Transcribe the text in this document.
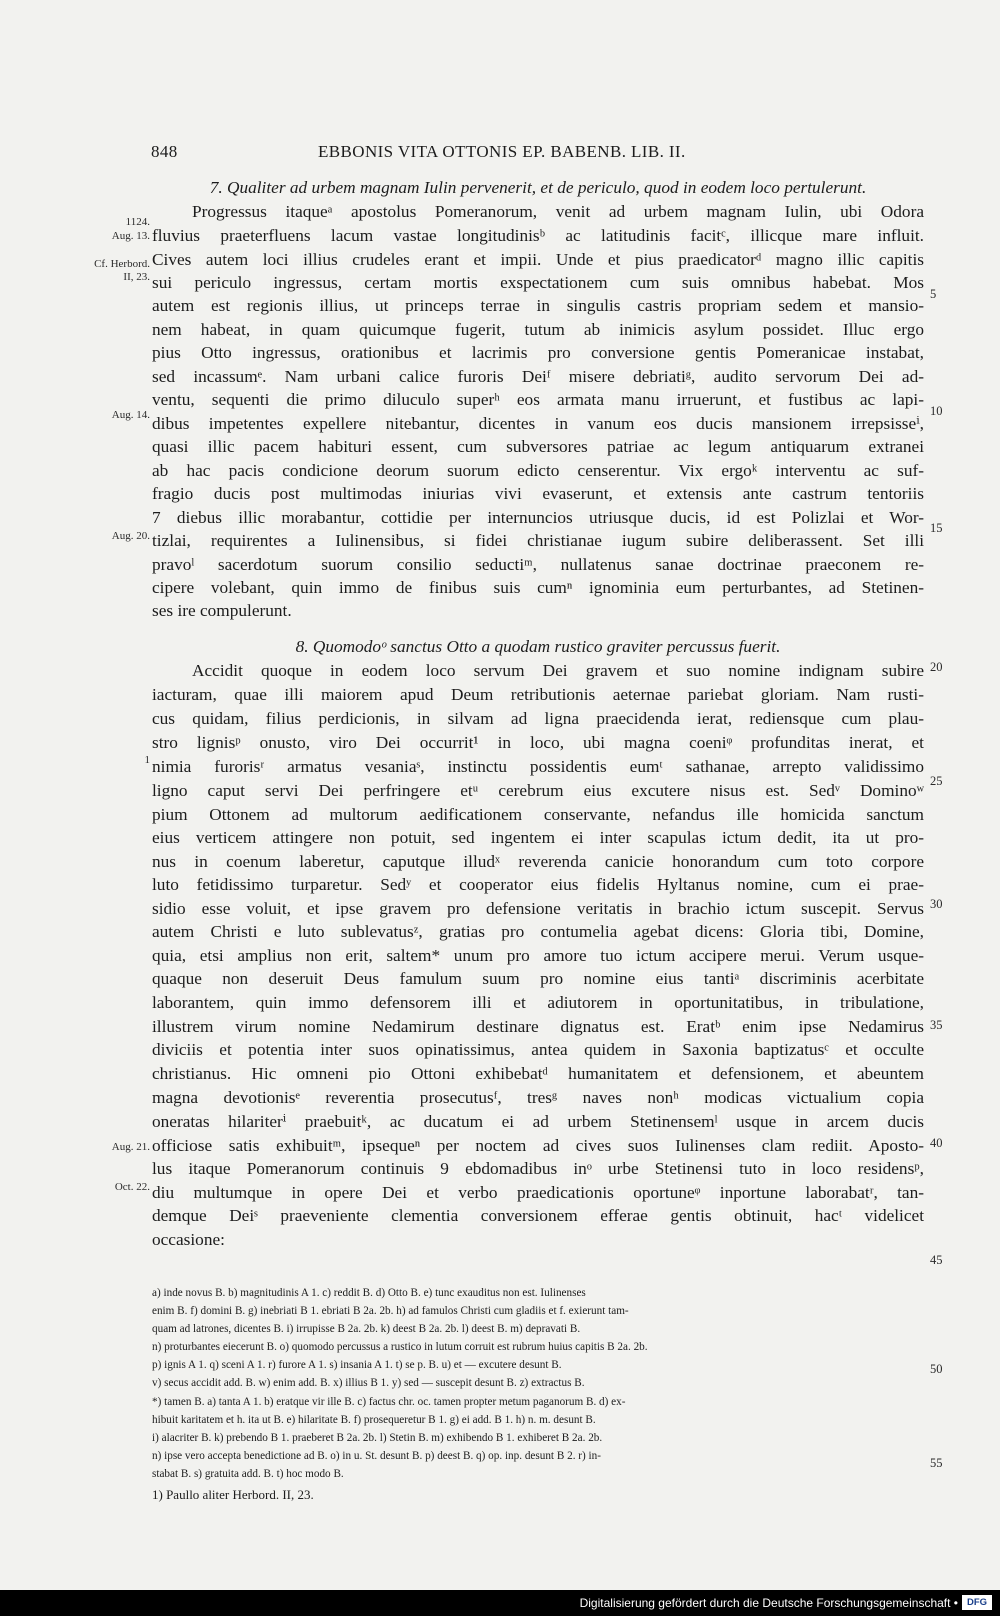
848	EBBONIS VITA OTTONIS EP. BABENB. LIB. II.
7. Qualiter ad urbem magnam Iulin pervenerit, et de periculo, quod in eodem loco pertulerunt.
Progressus itaqueᵃ apostolus Pomeranorum, venit ad urbem magnam Iulin, ubi Odora
fluvius praeterfluens lacum vastae longitudinisᵇ ac latitudinis facitᶜ, illicque mare influit.
Cives autem loci illius crudeles erant et impii. Unde et pius praedicatorᵈ magno illic capitis
sui periculo ingressus, certam mortis exspectationem cum suis omnibus habebat. Mos
autem est regionis illius, ut princeps terrae in singulis castris propriam sedem et mansio-
nem habeat, in quam quicumque fugerit, tutum ab inimicis asylum possidet. Illuc ergo
pius Otto ingressus, orationibus et lacrimis pro conversione gentis Pomeranicae instabat,
sed incassumᵉ. Nam urbani calice furoris Deiᶠ misere debriatiᵍ, audito servorum Dei ad-
ventu, sequenti die primo diluculo superʰ eos armata manu irruerunt, et fustibus ac lapi-
dibus impetentes expellere nitebantur, dicentes in vanum eos ducis mansionem irrepsisseⁱ,
quasi illic pacem habituri essent, cum subversores patriae ac legum antiquarum extranei
ab hac pacis condicione deorum suorum edicto censerentur. Vix ergoᵏ interventu ac suf-
fragio ducis post multimodas iniurias vivi evaserunt, et extensis ante castrum tentoriis
7 diebus illic morabantur, cottidie per internuncios utriusque ducis, id est Polizlai et Wor-
tizlai, requirentes a Iulinensibus, si fidei christianae iugum subire deliberassent. Set illi
pravoˡ sacerdotum suorum consilio seductiᵐ, nullatenus sanae doctrinae praeconem re-
cipere volebant, quin immo de finibus suis cumⁿ ignominia eum perturbantes, ad Stetinen-
ses ire compulerunt.
8. Quomodoᵒ sanctus Otto a quodam rustico graviter percussus fuerit.
Accidit quoque in eodem loco servum Dei gravem et suo nomine indignam subire
iacturam, quae illi maiorem apud Deum retributionis aeternae pariebat gloriam. Nam rusti-
cus quidam, filius perdicionis, in silvam ad ligna praecidenda ierat, rediensque cum plau-
stro lignisᵖ onusto, viro Dei occurrit¹ in loco, ubi magna coeniᵠ profunditas inerat, et
nimia furorisʳ armatus vesaniaˢ, instinctu possidentis eumᵗ sathanae, arrepto validissimo
ligno caput servi Dei perfringere etᵘ cerebrum eius excutere nisus est. Sedᵛ Dominoʷ
pium Ottonem ad multorum aedificationem conservante, nefandus ille homicida sanctum
eius verticem attingere non potuit, sed ingentem ei inter scapulas ictum dedit, ita ut pro-
nus in coenum laberetur, caputque illudˣ reverenda canicie honorandum cum toto corpore
luto fetidissimo turparetur. Sedʸ et cooperator eius fidelis Hyltanus nomine, cum ei prae-
sidio esse voluit, et ipse gravem pro defensione veritatis in brachio ictum suscepit. Servus
autem Christi e luto sublevatusᶻ, gratias pro contumelia agebat dicens: Gloria tibi, Domine,
quia, etsi amplius non erit, saltem* unum pro amore tuo ictum accipere merui. Verum usque-
quaque non deseruit Deus famulum suum pro nomine eius tantiᵃ discriminis acerbitate
laborantem, quin immo defensorem illi et adiutorem in oportunitatibus, in tribulatione,
illustrem virum nomine Nedamirum destinare dignatus est. Eratᵇ enim ipse Nedamirus
diviciis et potentia inter suos opinatissimus, antea quidem in Saxonia baptizatusᶜ et occulte
christianus. Hic omneni pio Ottoni exhibebatᵈ humanitatem et defensionem, et abeuntem
magna devotionisᵉ reverentia prosecutusᶠ, tresᵍ naves nonʰ modicas victualium copia
oneratas hilariterⁱ praebuitᵏ, ac ducatum ei ad urbem Stetinensemˡ usque in arcem ducis
officiose satis exhibuitᵐ, ipsequeⁿ per noctem ad cives suos Iulinenses clam rediit. Aposto-
lus itaque Pomeranorum continuis 9 ebdomadibus inᵒ urbe Stetinensi tuto in loco residensᵖ,
diu multumque in opere Dei et verbo praedicationis oportuneᵠ inportune laborabatʳ, tan-
demque Deiˢ praeveniente clementia conversionem efferae gentis obtinuit, hacᵗ videlicet
occasione:
1124.
Aug. 13.
Cf. Herbord.
II, 23.
Aug. 14.
Aug. 20.
1
Aug. 21.
Oct. 22.
5
10
15
20
25
30
35
40
45
50
55
a) inde novus B. b) magnitudinis A 1. c) reddit B. d) Otto B. e) tunc exauditus non est. Iulinenses
enim B. f) domini B. g) inebriati B 1. ebriati B 2a. 2b. h) ad famulos Christi cum gladiis et f. exierunt tam-
quam ad latrones, dicentes B. i) irrupisse B 2a. 2b. k) deest B 2a. 2b. l) deest B. m) depravati B.
n) proturbantes eiecerunt B. o) quomodo percussus a rustico in lutum corruit est rubrum huius capitis B 2a. 2b.
p) ignis A 1. q) sceni A 1. r) furore A 1. s) insania A 1. t) se p. B. u) et — excutere desunt B.
v) secus accidit add. B. w) enim add. B. x) illius B 1. y) sed — suscepit desunt B. z) extractus B.
*) tamen B. a) tanta A 1. b) eratque vir ille B. c) factus chr. oc. tamen propter metum paganorum B. d) ex-
hibuit karitatem et h. ita ut B. e) hilaritate B. f) prosequeretur B 1. g) ei add. B 1. h) n. m. desunt B.
i) alacriter B. k) prebendo B 1. praeberet B 2a. 2b. l) Stetin B. m) exhibendo B 1. exhiberet B 2a. 2b.
n) ipse vero accepta benedictione ad B. o) in u. St. desunt B. p) deest B. q) op. inp. desunt B 2. r) in-
stabat B. s) gratuita add. B. t) hoc modo B.
1) Paullo aliter Herbord. II, 23.
Digitalisierung gefördert durch die Deutsche Forschungsgemeinschaft • DFG
